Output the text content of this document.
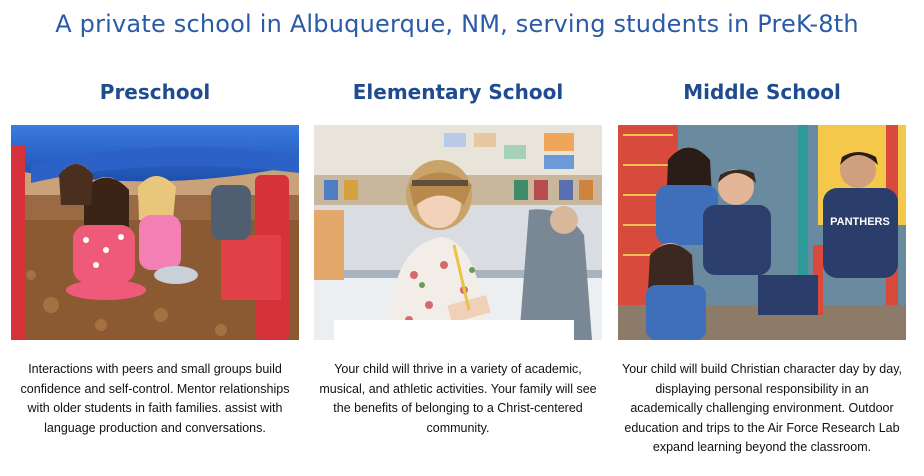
A private school in Albuquerque, NM, serving students in PreK-8th
Preschool
Interactions with peers and small groups build confidence and self-control. Mentor relationships with older students in faith families. assist with language production and conversations.
Elementary School
Your child will thrive in a variety of academic, musical, and athletic activities. Your family will see the benefits of belonging to a Christ-centered community.
Middle School
PANTHERS
Your child will build Christian character day by day, displaying personal responsibility in an academically challenging environment. Outdoor education and trips to the Air Force Research Lab expand learning beyond the classroom.
